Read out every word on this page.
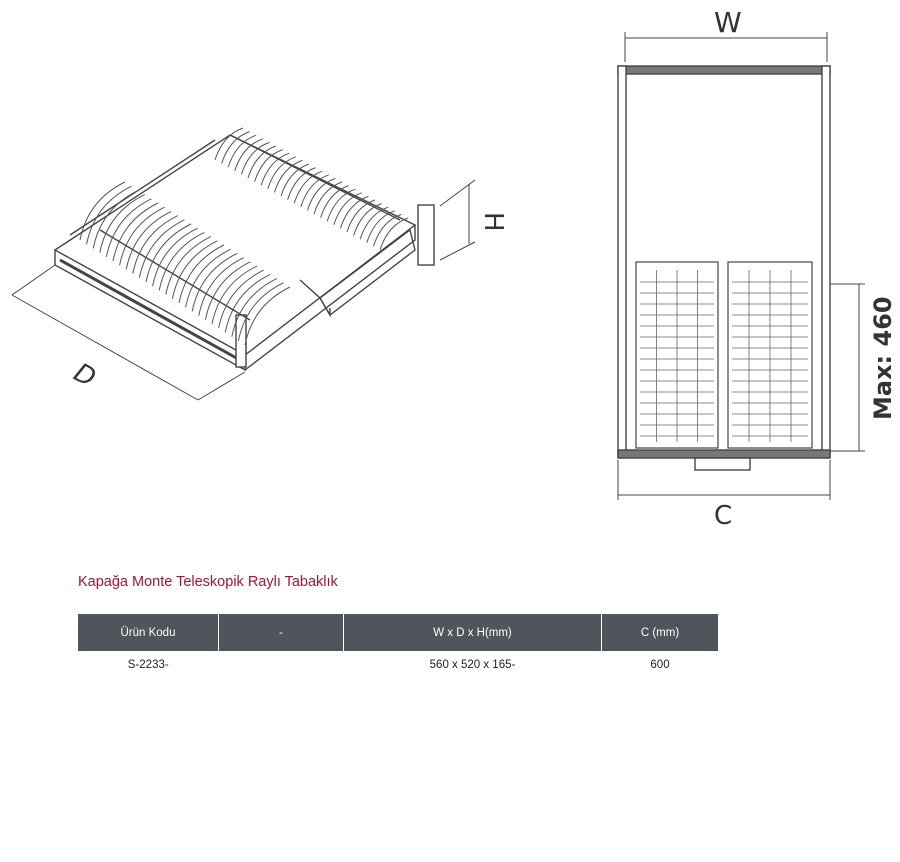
H
D
W
Max: 460
C
Kapağa Monte Teleskopik Raylı Tabaklık
Ürün Kodu	-	W x D x H(mm)	C (mm)
S-2233-		560 x 520 x 165-	600
